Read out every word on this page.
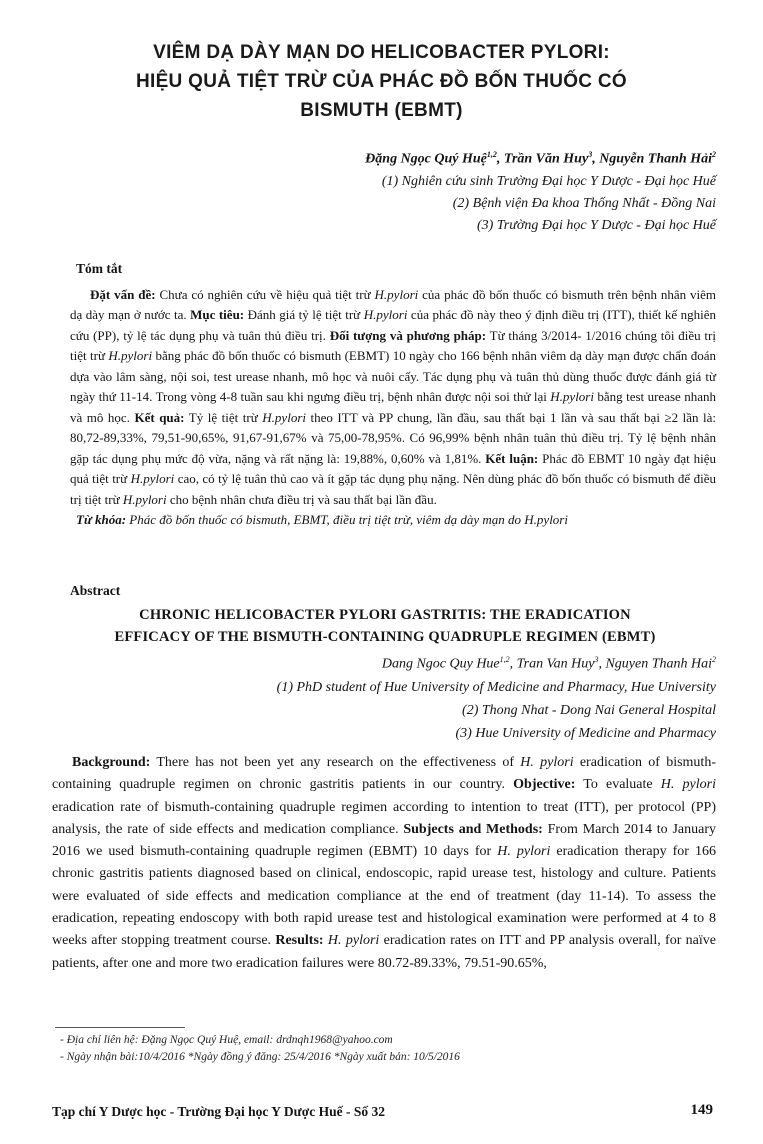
VIÊM DẠ DÀY MẠN DO HELICOBACTER PYLORI:
HIỆU QUẢ TIỆT TRỪ CỦA PHÁC ĐỒ BỐN THUỐC CÓ
BISMUTH (EBMT)
Đặng Ngọc Quý Huệ$^{1,2}$, Trần Văn Huy$^3$, Nguyễn Thanh Hải$^2$
(1) Nghiên cứu sinh Trường Đại học Y Dược - Đại học Huế
(2) Bệnh viện Đa khoa Thống Nhất - Đồng Nai
(3) Trường Đại học Y Dược - Đại học Huế
Tóm tắt
Đặt vấn đề: Chưa có nghiên cứu về hiệu quả tiệt trừ H.pylori của phác đồ bốn thuốc có bismuth trên bệnh nhân viêm dạ dày mạn ở nước ta. Mục tiêu: Đánh giá tỷ lệ tiệt trừ H.pylori của phác đồ này theo ý định điều trị (ITT), thiết kế nghiên cứu (PP), tỷ lệ tác dụng phụ và tuân thủ điều trị. Đối tượng và phương pháp: Từ tháng 3/2014- 1/2016 chúng tôi điều trị tiệt trừ H.pylori bằng phác đồ bốn thuốc có bismuth (EBMT) 10 ngày cho 166 bệnh nhân viêm dạ dày mạn được chẩn đoán dựa vào lâm sàng, nội soi, test urease nhanh, mô học và nuôi cấy. Tác dụng phụ và tuân thủ dùng thuốc được đánh giá từ ngày thứ 11-14. Trong vòng 4-8 tuần sau khi ngưng điều trị, bệnh nhân được nội soi thử lại H.pylori bằng test urease nhanh và mô học. Kết quả: Tỷ lệ tiệt trừ H.pylori theo ITT và PP chung, lần đầu, sau thất bại 1 lần và sau thất bại ≥2 lần là: 80,72-89,33%, 79,51-90,65%, 91,67-91,67% và 75,00-78,95%. Có 96,99% bệnh nhân tuân thủ điều trị. Tỷ lệ bệnh nhân gặp tác dụng phụ mức độ vừa, nặng và rất nặng là: 19,88%, 0,60% và 1,81%. Kết luận: Phác đồ EBMT 10 ngày đạt hiệu quả tiệt trừ H.pylori cao, có tỷ lệ tuân thủ cao và ít gặp tác dụng phụ nặng. Nên dùng phác đồ bốn thuốc có bismuth để điều trị tiệt trừ H.pylori cho bệnh nhân chưa điều trị và sau thất bại lần đầu.
Từ khóa: Phác đồ bốn thuốc có bismuth, EBMT, điều trị tiệt trừ, viêm dạ dày mạn do H.pylori
Abstract
CHRONIC HELICOBACTER PYLORI GASTRITIS: THE ERADICATION
EFFICACY OF THE BISMUTH-CONTAINING QUADRUPLE REGIMEN (EBMT)
Dang Ngoc Quy Hue$^{1,2}$, Tran Van Huy$^3$, Nguyen Thanh Hai$^2$
(1) PhD student of Hue University of Medicine and Pharmacy, Hue University
(2) Thong Nhat - Dong Nai General Hospital
(3) Hue University of Medicine and Pharmacy
Background: There has not been yet any research on the effectiveness of H. pylori eradication of bismuth-containing quadruple regimen on chronic gastritis patients in our country. Objective: To evaluate H. pylori eradication rate of bismuth-containing quadruple regimen according to intention to treat (ITT), per protocol (PP) analysis, the rate of side effects and medication compliance. Subjects and Methods: From March 2014 to January 2016 we used bismuth-containing quadruple regimen (EBMT) 10 days for H. pylori eradication therapy for 166 chronic gastritis patients diagnosed based on clinical, endoscopic, rapid urease test, histology and culture. Patients were evaluated of side effects and medication compliance at the end of treatment (day 11-14). To assess the eradication, repeating endoscopy with both rapid urease test and histological examination were performed at 4 to 8 weeks after stopping treatment course. Results: H. pylori eradication rates on ITT and PP analysis overall, for naïve patients, after one and more two eradication failures were 80.72-89.33%, 79.51-90.65%,
- Địa chỉ liên hệ: Đặng Ngọc Quý Huệ, email: drdnqh1968@yahoo.com
- Ngày nhận bài:10/4/2016 *Ngày đồng ý đăng: 25/4/2016 *Ngày xuất bản: 10/5/2016
Tạp chí Y Dược học - Trường Đại học Y Dược Huế - Số 32	149
